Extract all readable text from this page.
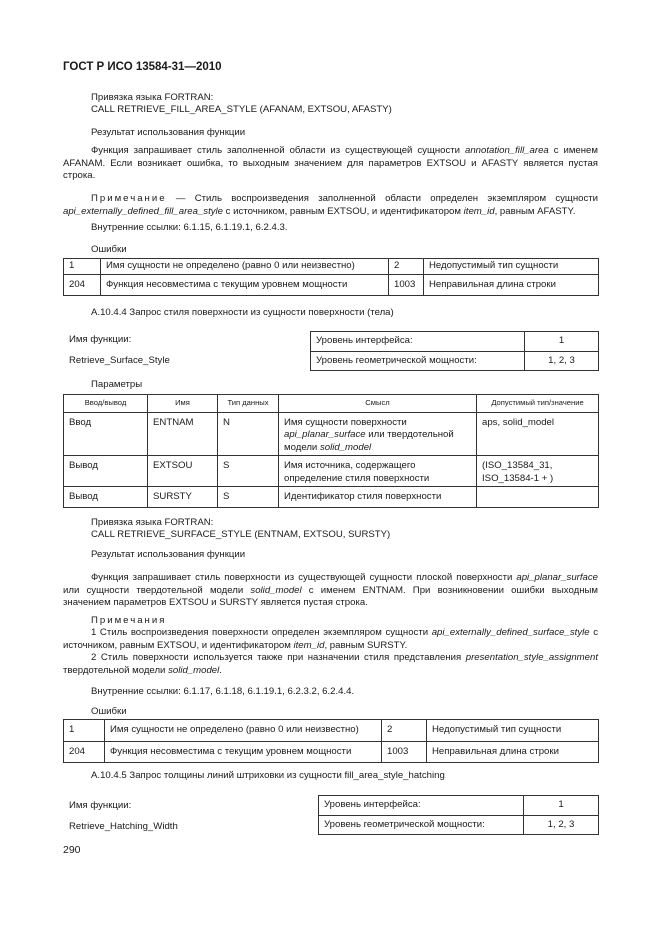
ГОСТ Р ИСО 13584-31—2010

Привязка языка FORTRAN:

CALL RETRIEVE_FILL_AREA_STYLE (AFANAM, EXTSOU, AFASTY)

Результат использования функции

Функция запрашивает стиль заполненной области из существующей сущности annotation_fill_area с именем AFANAM. Если возникает ошибка, то выходным значением для параметров EXTSOU и AFASTY является пустая строка.

Примечание — Стиль воспроизведения заполненной области определен экземпляром сущности api_externally_defined_fill_area_style с источником, равным EXTSOU, и идентификатором item_id, равным AFASTY.

Внутренние ссылки: 6.1.15, 6.1.19.1, 6.2.4.3.

Ошибки

1	Имя сущности не определено (равно 0 или неизвестно)	2	Недопустимый тип сущности
204	Функция несовместима с текущим уровнем мощности	1003	Неправильная длина строки

A.10.4.4 Запрос стиля поверхности из сущности поверхности (тела)

Имя функции:

Retrieve_Surface_Style

Уровень интерфейса:	1
Уровень геометрической мощности:	1, 2, 3

Параметры

Ввод/вывод	Имя	Тип данных	Смысл	Допустимый тип/значение
Ввод	ENTNAM	N	Имя сущности поверхности api_planar_surface или твердотельной модели solid_model	aps, solid_model
Вывод	EXTSOU	S	Имя источника, содержащего определение стиля поверхности	(ISO_13584_31, ISO_13584-1 + )
Вывод	SURSTY	S	Идентификатор стиля поверхности	

Привязка языка FORTRAN:

CALL RETRIEVE_SURFACE_STYLE (ENTNAM, EXTSOU, SURSTY)

Результат использования функции

Функция запрашивает стиль поверхности из существующей сущности плоской поверхности api_planar_surface или сущности твердотельной модели solid_model с именем ENTNAM. При возникновении ошибки выходным значением параметров EXTSOU и SURSTY является пустая строка.

Примечания

1 Стиль воспроизведения поверхности определен экземпляром сущности api_externally_defined_surface_style с источником, равным EXTSOU, и идентификатором item_id, равным SURSTY.

2 Стиль поверхности используется также при назначении стиля представления presentation_style_assignment твердотельной модели solid_model.

Внутренние ссылки: 6.1.17, 6.1.18, 6.1.19.1, 6.2.3.2, 6.2.4.4.

Ошибки

1	Имя сущности не определено (равно 0 или неизвестно)	2	Недопустимый тип сущности
204	Функция несовместима с текущим уровнем мощности	1003	Неправильная длина строки

A.10.4.5 Запрос толщины линий штриховки из сущности fill_area_style_hatching

Имя функции:

Retrieve_Hatching_Width

Уровень интерфейса:	1
Уровень геометрической мощности:	1, 2, 3
290
